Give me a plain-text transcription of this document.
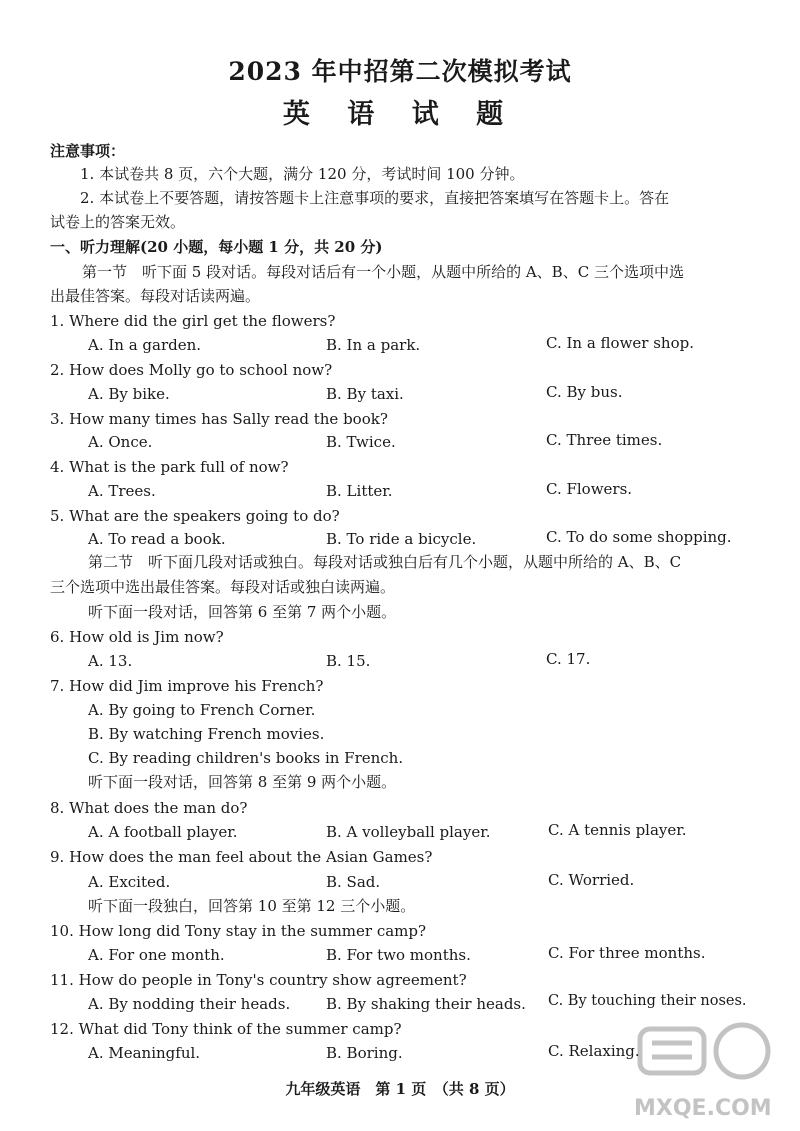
2023 年中招第二次模拟考试
英 语 试 题
注意事项：
1. 本试卷共 8 页，六个大题，满分 120 分，考试时间 100 分钟。
2. 本试卷上不要答题，请按答题卡上注意事项的要求，直接把答案填写在答题卡上。答在
试卷上的答案无效。
一、听力理解(20 小题，每小题 1 分，共 20 分)
第一节　听下面 5 段对话。每段对话后有一个小题，从题中所给的 A、B、C 三个选项中选
出最佳答案。每段对话读两遍。
1. Where did the girl get the flowers?
A. In a garden.	B. In a park.	C. In a flower shop.
2. How does Molly go to school now?
A. By bike.	B. By taxi.	C. By bus.
3. How many times has Sally read the book?
A. Once.	B. Twice.	C. Three times.
4. What is the park full of now?
A. Trees.	B. Litter.	C. Flowers.
5. What are the speakers going to do?
A. To read a book.	B. To ride a bicycle.	C. To do some shopping.
第二节　听下面几段对话或独白。每段对话或独白后有几个小题，从题中所给的 A、B、C
三个选项中选出最佳答案。每段对话或独白读两遍。
听下面一段对话，回答第 6 至第 7 两个小题。
6. How old is Jim now?
A. 13.	B. 15.	C. 17.
7. How did Jim improve his French?
A. By going to French Corner.
B. By watching French movies.
C. By reading children's books in French.
听下面一段对话，回答第 8 至第 9 两个小题。
8. What does the man do?
A. A football player.	B. A volleyball player.	C. A tennis player.
9. How does the man feel about the Asian Games?
A. Excited.	B. Sad.	C. Worried.
听下面一段独白，回答第 10 至第 12 三个小题。
10. How long did Tony stay in the summer camp?
A. For one month.	B. For two months.	C. For three months.
11. How do people in Tony's country show agreement?
A. By nodding their heads. B. By shaking their heads. C. By touching their noses.
12. What did Tony think of the summer camp?
A. Meaningful.	B. Boring.	C. Relaxing.
九年级英语　第 1 页　（共 8 页）
MXQE.COM
